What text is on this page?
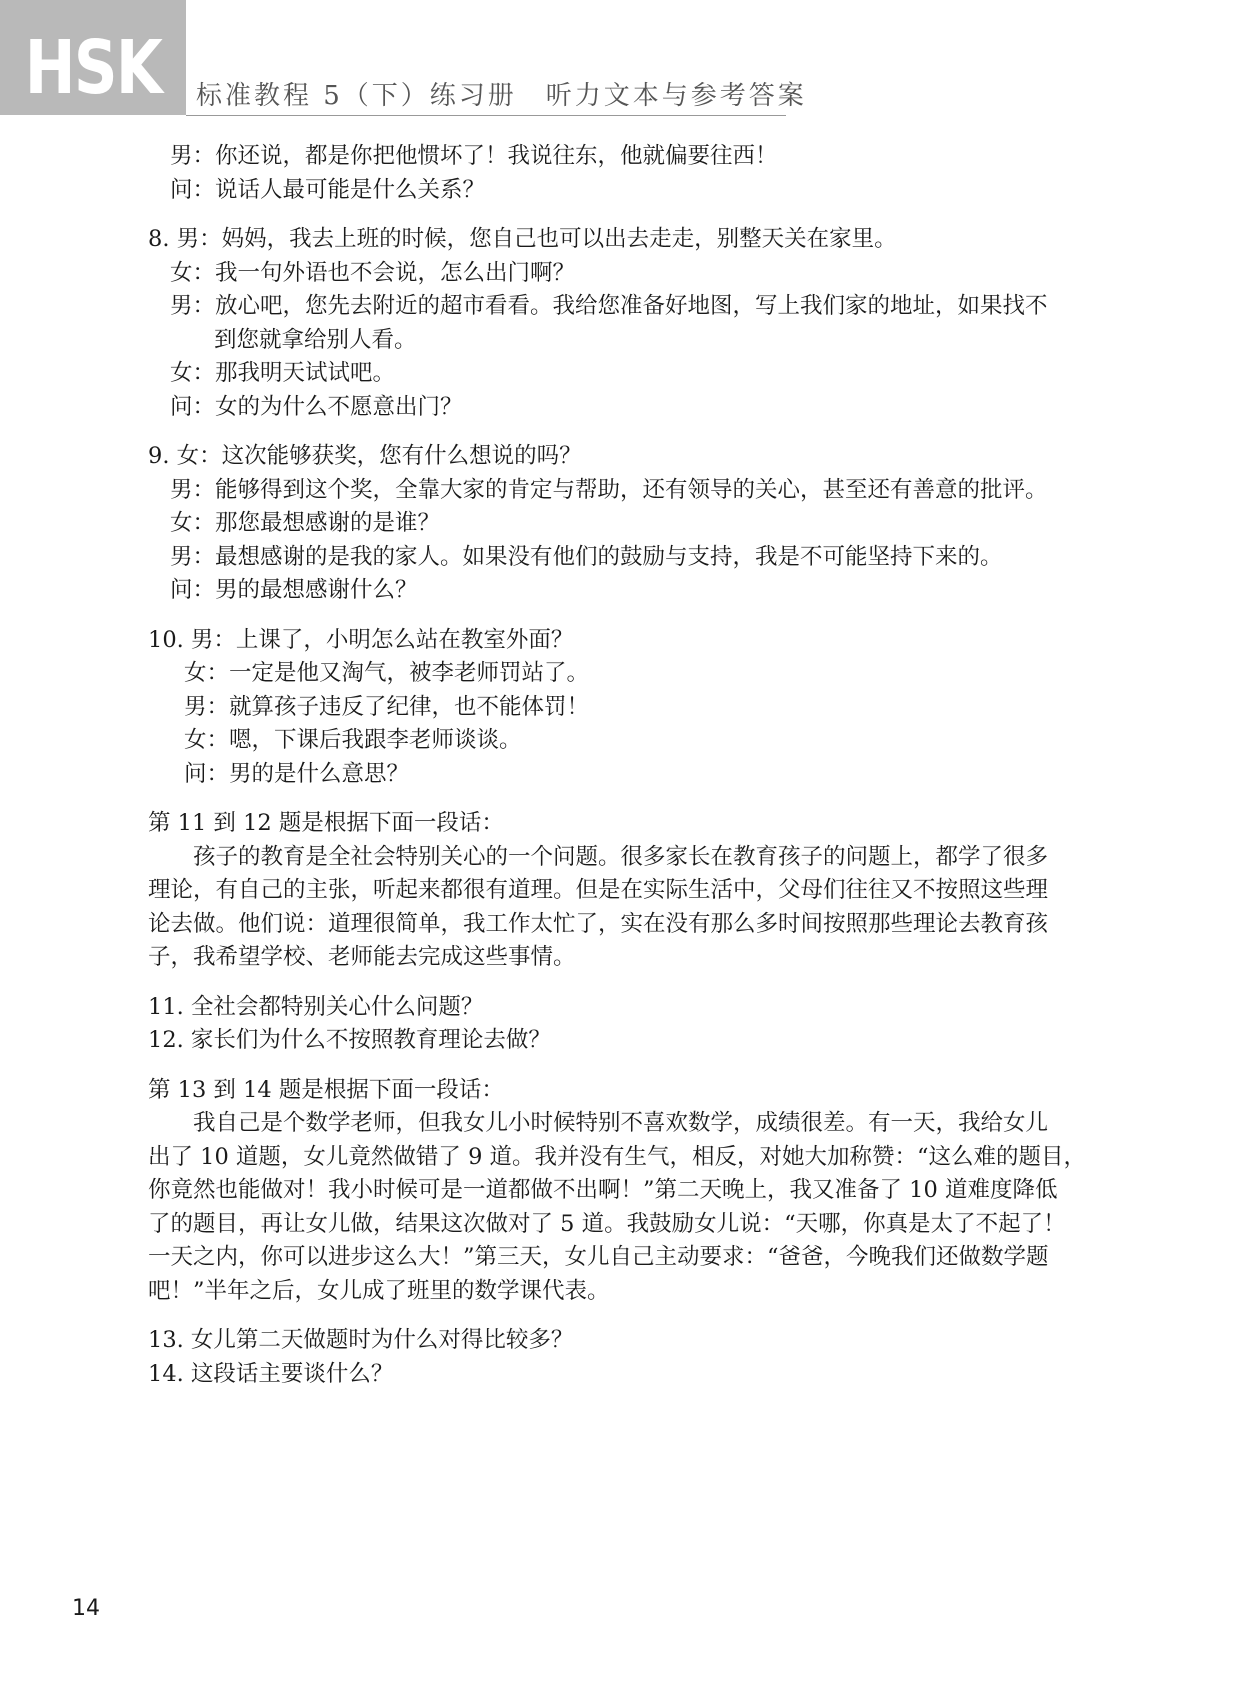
HSK	标准教程 5（下）练习册　听力文本与参考答案
男：你还说，都是你把他惯坏了！我说往东，他就偏要往西！
问：说话人最可能是什么关系？
8. 男：妈妈，我去上班的时候，您自己也可以出去走走，别整天关在家里。
女：我一句外语也不会说，怎么出门啊？
男：放心吧，您先去附近的超市看看。我给您准备好地图，写上我们家的地址，如果找不
到您就拿给别人看。
女：那我明天试试吧。
问：女的为什么不愿意出门？
9. 女：这次能够获奖，您有什么想说的吗？
男：能够得到这个奖，全靠大家的肯定与帮助，还有领导的关心，甚至还有善意的批评。
女：那您最想感谢的是谁？
男：最想感谢的是我的家人。如果没有他们的鼓励与支持，我是不可能坚持下来的。
问：男的最想感谢什么？
10. 男：上课了，小明怎么站在教室外面？
女：一定是他又淘气，被李老师罚站了。
男：就算孩子违反了纪律，也不能体罚！
女：嗯，下课后我跟李老师谈谈。
问：男的是什么意思？
第 11 到 12 题是根据下面一段话：
　　孩子的教育是全社会特别关心的一个问题。很多家长在教育孩子的问题上，都学了很多
理论，有自己的主张，听起来都很有道理。但是在实际生活中，父母们往往又不按照这些理
论去做。他们说：道理很简单，我工作太忙了，实在没有那么多时间按照那些理论去教育孩
子，我希望学校、老师能去完成这些事情。
11. 全社会都特别关心什么问题？
12. 家长们为什么不按照教育理论去做？
第 13 到 14 题是根据下面一段话：
　　我自己是个数学老师，但我女儿小时候特别不喜欢数学，成绩很差。有一天，我给女儿
出了 10 道题，女儿竟然做错了 9 道。我并没有生气，相反，对她大加称赞：“这么难的题目，
你竟然也能做对！我小时候可是一道都做不出啊！”第二天晚上，我又准备了 10 道难度降低
了的题目，再让女儿做，结果这次做对了 5 道。我鼓励女儿说：“天哪，你真是太了不起了！
一天之内，你可以进步这么大！”第三天，女儿自己主动要求：“爸爸，今晚我们还做数学题
吧！”半年之后，女儿成了班里的数学课代表。
13. 女儿第二天做题时为什么对得比较多？
14. 这段话主要谈什么？
14
